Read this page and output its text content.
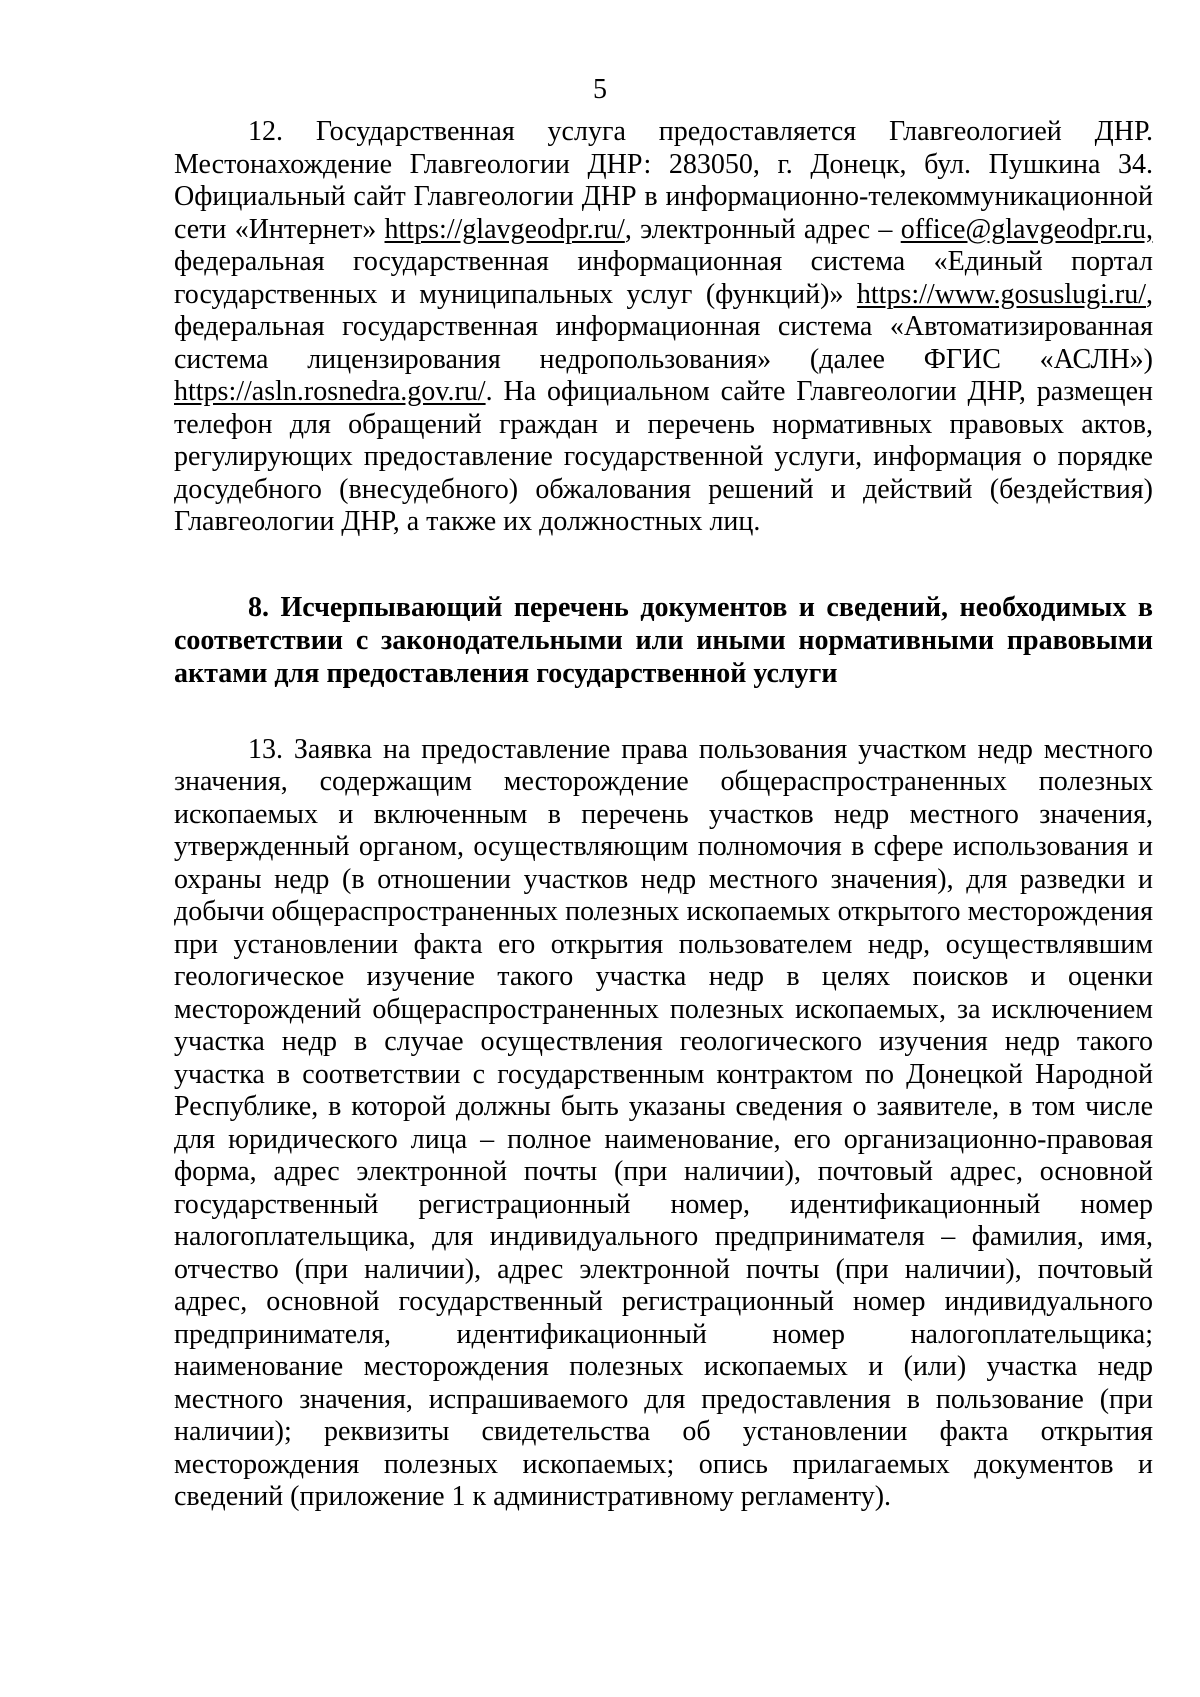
5

12. Государственная услуга предоставляется Главгеологией ДНР. Местонахождение Главгеологии ДНР: 283050, г. Донецк, бул. Пушкина 34. Официальный сайт Главгеологии ДНР в информационно-телекоммуникационной сети «Интернет» https://glavgeodpr.ru/, электронный адрес – office@glavgeodpr.ru, федеральная государственная информационная система «Единый портал государственных и муниципальных услуг (функций)» https://www.gosuslugi.ru/, федеральная государственная информационная система «Автоматизированная система лицензирования недропользования» (далее ФГИС «АСЛН») https://asln.rosnedra.gov.ru/. На официальном сайте Главгеологии ДНР, размещен телефон для обращений граждан и перечень нормативных правовых актов, регулирующих предоставление государственной услуги, информация о порядке досудебного (внесудебного) обжалования решений и действий (бездействия) Главгеологии ДНР, а также их должностных лиц.

8. Исчерпывающий перечень документов и сведений, необходимых в соответствии с законодательными или иными нормативными правовыми актами для предоставления государственной услуги

13. Заявка на предоставление права пользования участком недр местного значения, содержащим месторождение общераспространенных полезных ископаемых и включенным в перечень участков недр местного значения, утвержденный органом, осуществляющим полномочия в сфере использования и охраны недр (в отношении участков недр местного значения), для разведки и добычи общераспространенных полезных ископаемых открытого месторождения при установлении факта его открытия пользователем недр, осуществлявшим геологическое изучение такого участка недр в целях поисков и оценки месторождений общераспространенных полезных ископаемых, за исключением участка недр в случае осуществления геологического изучения недр такого участка в соответствии с государственным контрактом по Донецкой Народной Республике, в которой должны быть указаны сведения о заявителе, в том числе для юридического лица – полное наименование, его организационно-правовая форма, адрес электронной почты (при наличии), почтовый адрес, основной государственный регистрационный номер, идентификационный номер налогоплательщика, для индивидуального предпринимателя – фамилия, имя, отчество (при наличии), адрес электронной почты (при наличии), почтовый адрес, основной государственный регистрационный номер индивидуального предпринимателя, идентификационный номер налогоплательщика; наименование месторождения полезных ископаемых и (или) участка недр местного значения, испрашиваемого для предоставления в пользование (при наличии); реквизиты свидетельства об установлении факта открытия месторождения полезных ископаемых; опись прилагаемых документов и сведений (приложение 1 к административному регламенту).
